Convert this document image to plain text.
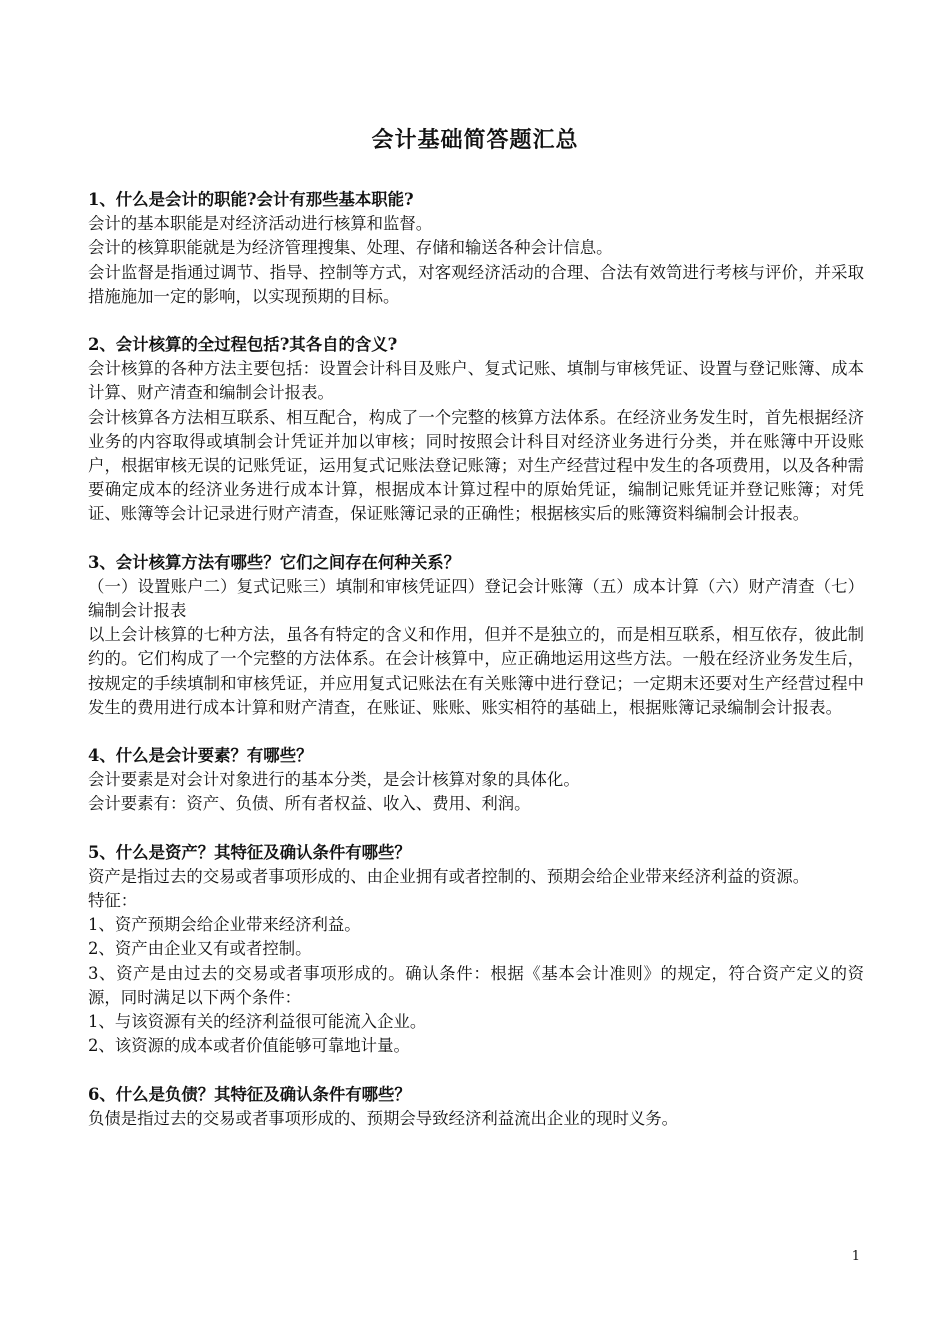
会计基础简答题汇总

1、什么是会计的职能?会计有那些基本职能?

会计的基本职能是对经济活动进行核算和监督。

会计的核算职能就是为经济管理搜集、处理、存储和输送各种会计信息。

会计监督是指通过调节、指导、控制等方式，对客观经济活动的合理、合法有效笥进行考核与评价，并采取措施施加一定的影响，以实现预期的目标。

2、会计核算的全过程包括?其各自的含义?

会计核算的各种方法主要包括：设置会计科目及账户、复式记账、填制与审核凭证、设置与登记账簿、成本计算、财产清查和编制会计报表。

会计核算各方法相互联系、相互配合，构成了一个完整的核算方法体系。在经济业务发生时，首先根据经济业务的内容取得或填制会计凭证并加以审核；同时按照会计科目对经济业务进行分类，并在账簿中开设账户，根据审核无误的记账凭证，运用复式记账法登记账簿；对生产经营过程中发生的各项费用，以及各种需要确定成本的经济业务进行成本计算，根据成本计算过程中的原始凭证，编制记账凭证并登记账簿；对凭证、账簿等会计记录进行财产清查，保证账簿记录的正确性；根据核实后的账簿资料编制会计报表。

3、会计核算方法有哪些？它们之间存在何种关系？

（一）设置账户二）复式记账三）填制和审核凭证四）登记会计账簿（五）成本计算（六）财产清查（七）编制会计报表

以上会计核算的七种方法，虽各有特定的含义和作用，但并不是独立的，而是相互联系，相互依存，彼此制约的。它们构成了一个完整的方法体系。在会计核算中，应正确地运用这些方法。一般在经济业务发生后，按规定的手续填制和审核凭证，并应用复式记账法在有关账簿中进行登记；一定期末还要对生产经营过程中发生的费用进行成本计算和财产清查，在账证、账账、账实相符的基础上，根据账簿记录编制会计报表。

4、什么是会计要素？有哪些？

会计要素是对会计对象进行的基本分类，是会计核算对象的具体化。

会计要素有：资产、负债、所有者权益、收入、费用、利润。

5、什么是资产？其特征及确认条件有哪些？

资产是指过去的交易或者事项形成的、由企业拥有或者控制的、预期会给企业带来经济利益的资源。

特征：

1、资产预期会给企业带来经济利益。

2、资产由企业又有或者控制。

3、资产是由过去的交易或者事项形成的。确认条件：根据《基本会计准则》的规定，符合资产定义的资源，同时满足以下两个条件：

1、与该资源有关的经济利益很可能流入企业。

2、该资源的成本或者价值能够可靠地计量。

6、什么是负债？其特征及确认条件有哪些？

负债是指过去的交易或者事项形成的、预期会导致经济利益流出企业的现时义务。

1
